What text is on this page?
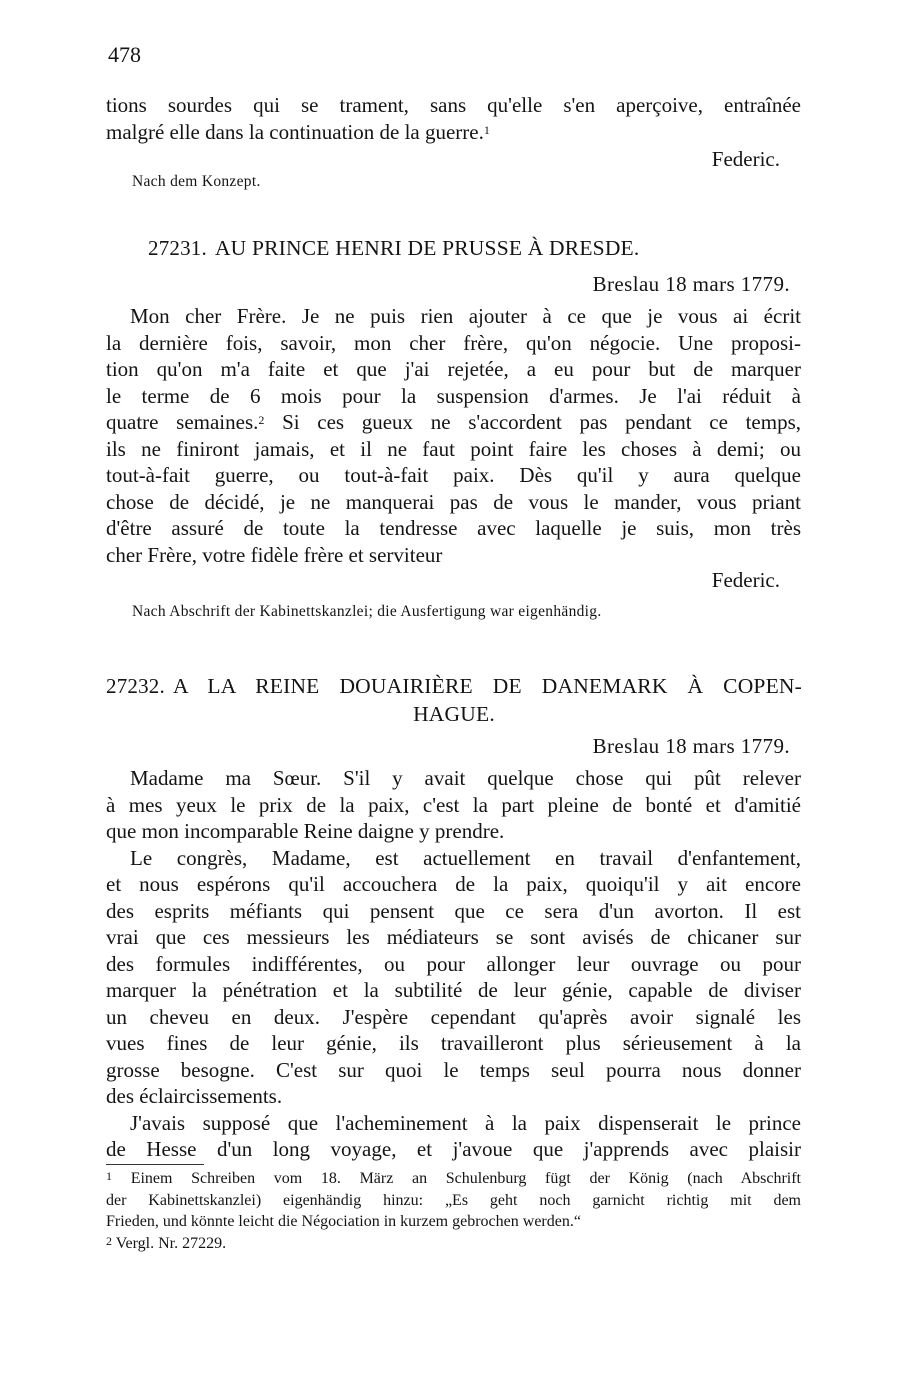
478
tions sourdes qui se trament, sans qu'elle s'en aperçoive, entraînée
malgré elle dans la continuation de la guerre.$^1$
Federic.
Nach dem Konzept.
27231. AU PRINCE HENRI DE PRUSSE À DRESDE.
Breslau 18 mars 1779.
Mon cher Frère. Je ne puis rien ajouter à ce que je vous ai écrit
la dernière fois, savoir, mon cher frère, qu'on négocie. Une proposi-
tion qu'on m'a faite et que j'ai rejetée, a eu pour but de marquer
le terme de 6 mois pour la suspension d'armes. Je l'ai réduit à
quatre semaines.$^2$ Si ces gueux ne s'accordent pas pendant ce temps,
ils ne finiront jamais, et il ne faut point faire les choses à demi; ou
tout-à-fait guerre, ou tout-à-fait paix. Dès qu'il y aura quelque
chose de décidé, je ne manquerai pas de vous le mander, vous priant
d'être assuré de toute la tendresse avec laquelle je suis, mon très
cher Frère, votre fidèle frère et serviteur
Federic.
Nach Abschrift der Kabinettskanzlei; die Ausfertigung war eigenhändig.
27232. A LA REINE DOUAIRIÈRE DE DANEMARK À COPEN-
HAGUE.
Breslau 18 mars 1779.
Madame ma Sœur. S'il y avait quelque chose qui pût relever
à mes yeux le prix de la paix, c'est la part pleine de bonté et d'amitié
que mon incomparable Reine daigne y prendre.
Le congrès, Madame, est actuellement en travail d'enfantement,
et nous espérons qu'il accouchera de la paix, quoiqu'il y ait encore
des esprits méfiants qui pensent que ce sera d'un avorton. Il est
vrai que ces messieurs les médiateurs se sont avisés de chicaner sur
des formules indifférentes, ou pour allonger leur ouvrage ou pour
marquer la pénétration et la subtilité de leur génie, capable de diviser
un cheveu en deux. J'espère cependant qu'après avoir signalé les
vues fines de leur génie, ils travailleront plus sérieusement à la
grosse besogne. C'est sur quoi le temps seul pourra nous donner
des éclaircissements.
J'avais supposé que l'acheminement à la paix dispenserait le prince
de Hesse d'un long voyage, et j'avoue que j'apprends avec plaisir
$^1$ Einem Schreiben vom 18. März an Schulenburg fügt der König (nach Abschrift
der Kabinettskanzlei) eigenhändig hinzu: „Es geht noch garnicht richtig mit dem
Frieden, und könnte leicht die Négociation in kurzem gebrochen werden.“
$^2$ Vergl. Nr. 27229.
